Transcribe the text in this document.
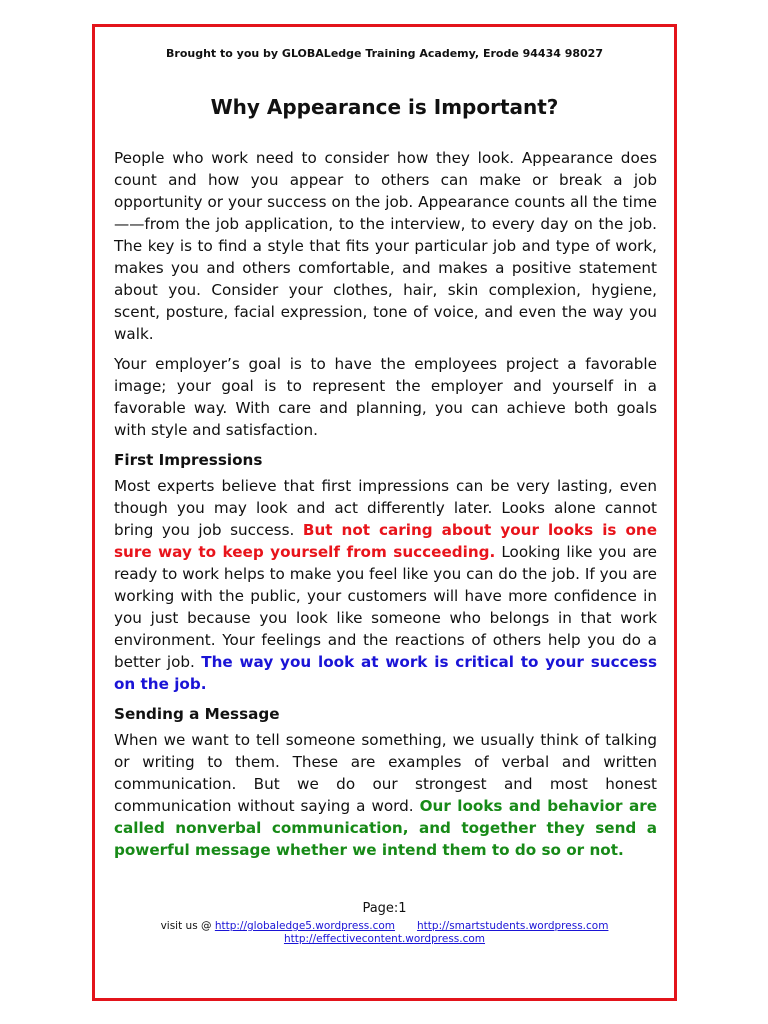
Brought to you by GLOBALedge Training Academy, Erode 94434 98027
Why Appearance is Important?

People who work need to consider how they look. Appearance does count and how you appear to others can make or break a job opportunity or your success on the job. Appearance counts all the time——from the job application, to the interview, to every day on the job. The key is to find a style that fits your particular job and type of work, makes you and others comfortable, and makes a positive statement about you. Consider your clothes, hair, skin complexion, hygiene, scent, posture, facial expression, tone of voice, and even the way you walk.

Your employer’s goal is to have the employees project a favorable image; your goal is to represent the employer and yourself in a favorable way. With care and planning, you can achieve both goals with style and satisfaction.

First Impressions

Most experts believe that first impressions can be very lasting, even though you may look and act differently later. Looks alone cannot bring you job success. But not caring about your looks is one sure way to keep yourself from succeeding. Looking like you are ready to work helps to make you feel like you can do the job. If you are working with the public, your customers will have more confidence in you just because you look like someone who belongs in that work environment. Your feelings and the reactions of others help you do a better job. The way you look at work is critical to your success on the job.

Sending a Message

When we want to tell someone something, we usually think of talking or writing to them. These are examples of verbal and written communication. But we do our strongest and most honest communication without saying a word. Our looks and behavior are called nonverbal communication, and together they send a powerful message whether we intend them to do so or not.

Page:1
visit us @ http://globaledge5.wordpress.com http://smartstudents.wordpress.com
http://effectivecontent.wordpress.com
